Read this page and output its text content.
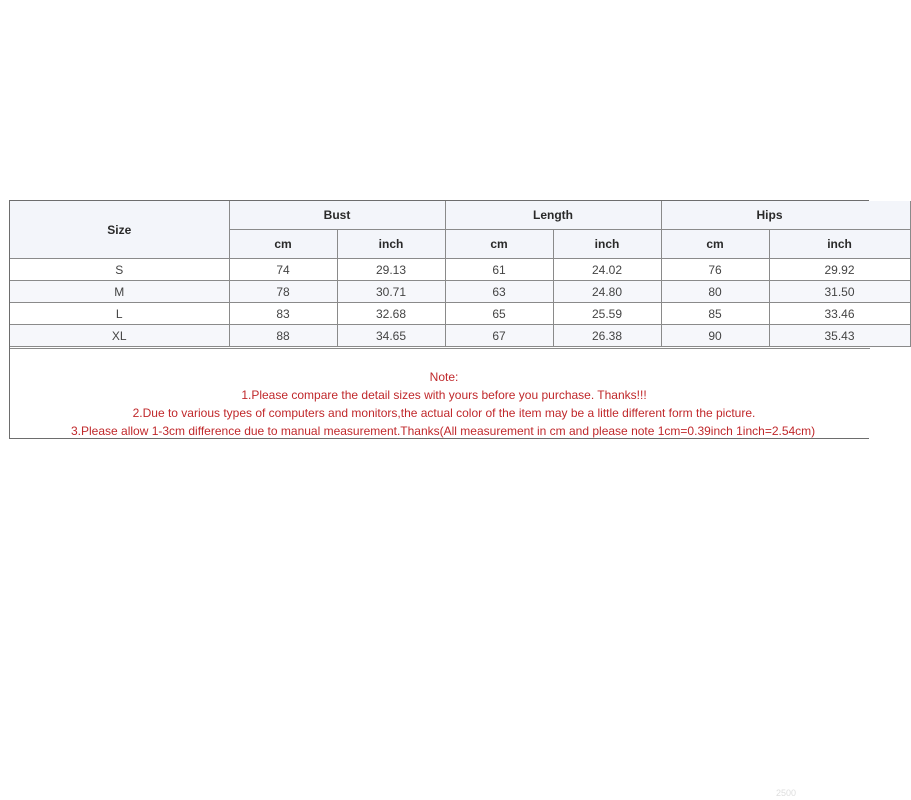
Size	Bust		Length		Hips	
	cm	inch	cm	inch	cm	inch
S	74	29.13	61	24.02	76	29.92
M	78	30.71	63	24.80	80	31.50
L	83	32.68	65	25.59	85	33.46
XL	88	34.65	67	26.38	90	35.43
Note:
1.Please compare the detail sizes with yours before you purchase. Thanks!!!
2.Due to various types of computers and monitors,the actual color of the item may be a little different form the picture.
3.Please allow 1-3cm difference due to manual measurement.Thanks(All measurement in cm and please note 1cm=0.39inch 1inch=2.54cm)
2500
